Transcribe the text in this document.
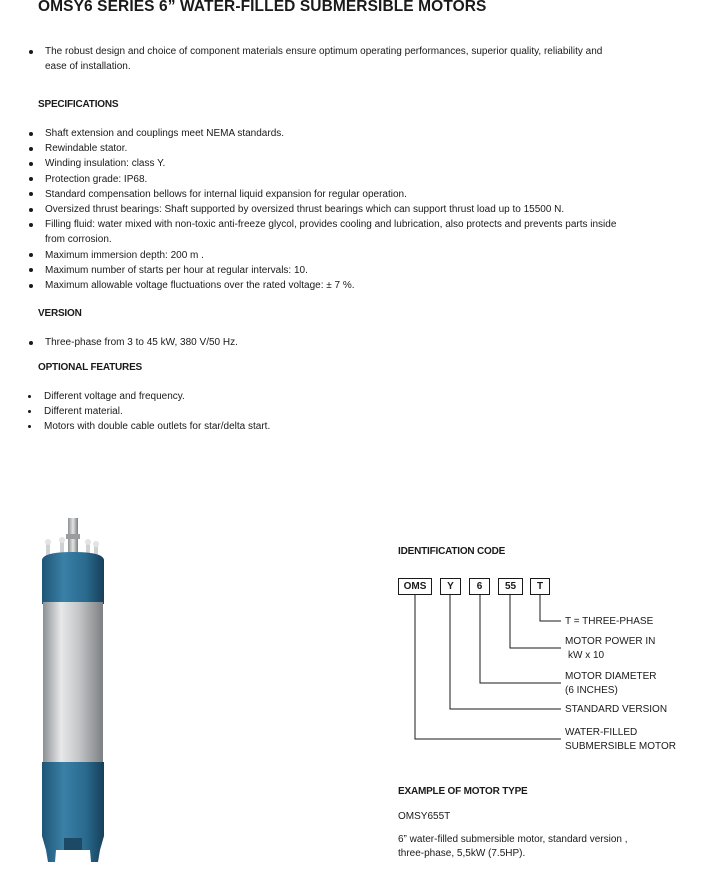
OMSY6 SERIES 6” WATER-FILLED SUBMERSIBLE MOTORS
The robust design and choice of component materials ensure optimum operating performances, superior quality, reliability and ease of installation.
SPECIFICATIONS
Shaft extension and couplings meet NEMA standards.
Rewindable stator.
Winding insulation: class Y.
Protection grade: IP68.
Standard compensation bellows for internal liquid expansion for regular operation.
Oversized thrust bearings: Shaft supported by oversized thrust bearings which can support thrust load up to 15500 N.
Filling fluid: water mixed with non-toxic anti-freeze glycol, provides cooling and lubrication, also protects and prevents parts inside from corrosion.
Maximum immersion depth: 200 m .
Maximum number of starts per hour at regular intervals: 10.
Maximum allowable voltage fluctuations over the rated voltage: ± 7 %.
VERSION
Three-phase from 3 to 45 kW, 380 V/50 Hz.
OPTIONAL FEATURES
Different voltage and frequency.
Different material.
Motors with double cable outlets for star/delta start.
IDENTIFICATION CODE
OMS	Y	6	55	T
T = THREE-PHASE
MOTOR POWER IN
kW x 10
MOTOR DIAMETER
(6 INCHES)
STANDARD VERSION
WATER-FILLED
SUBMERSIBLE MOTOR
EXAMPLE OF MOTOR TYPE
OMSY655T
6” water-filled submersible motor, standard version ,
three-phase, 5,5kW (7.5HP).
